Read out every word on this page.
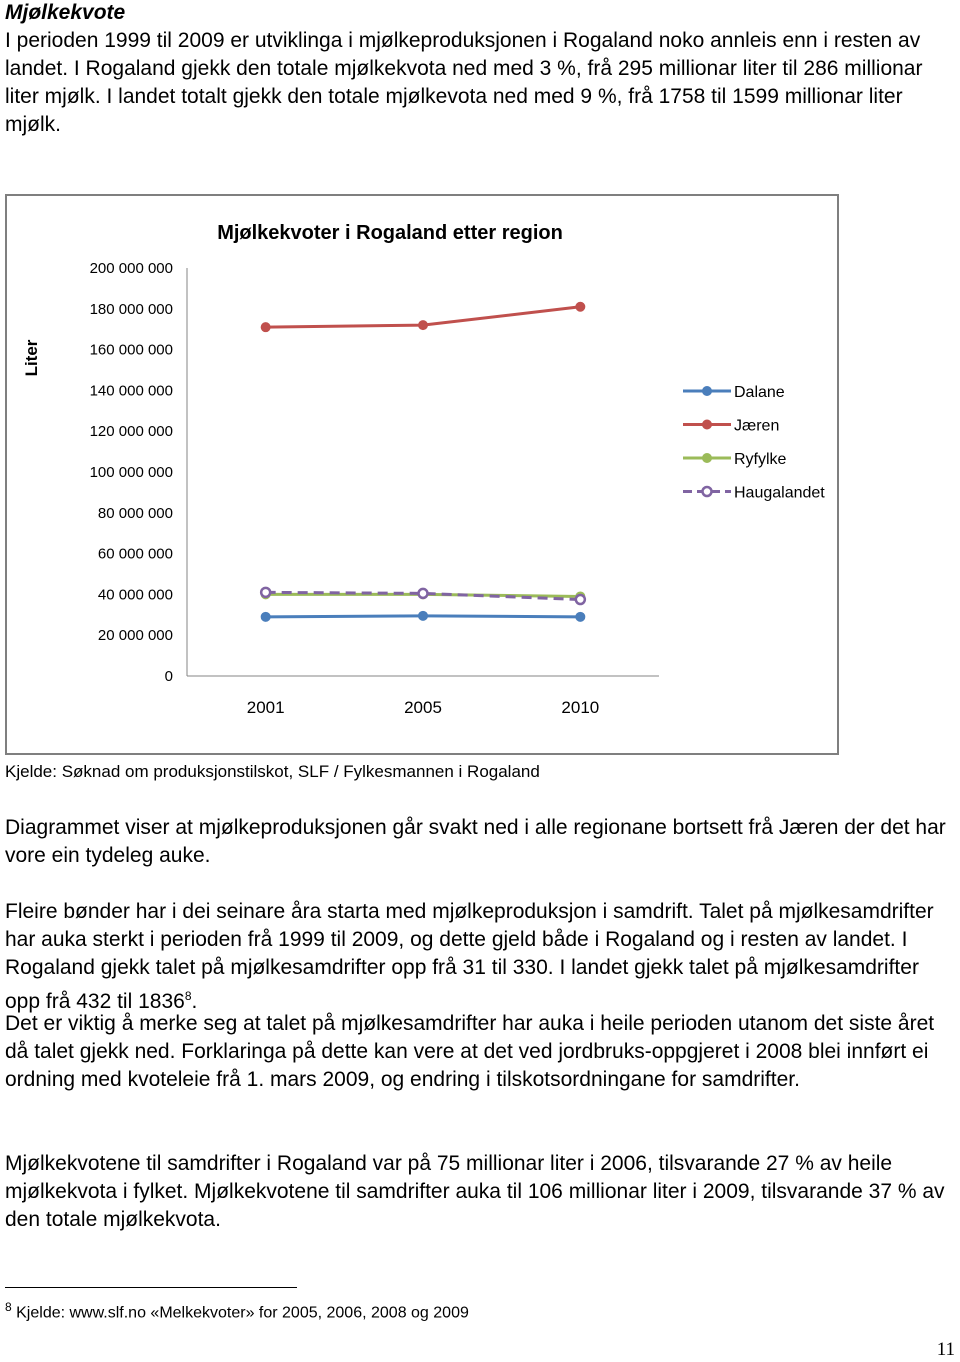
Mjølkekvote

I perioden 1999 til 2009 er utviklinga i mjølkeproduksjonen i Rogaland noko annleis enn i resten av landet. I Rogaland gjekk den totale mjølkekvota ned med 3 %, frå 295 millionar liter til 286 millionar liter mjølk. I landet totalt gjekk den totale mjølkevota ned med 9 %, frå 1758 til 1599 millionar liter mjølk.

Mjølkekvoter i Rogaland etter region
Liter
200 000 000
180 000 000
160 000 000
140 000 000
120 000 000
100 000 000
80 000 000
60 000 000
40 000 000
20 000 000
0
2001	2005	2010
Dalane
Jæren
Ryfylke
Haugalandet
Kjelde: Søknad om produksjonstilskot, SLF / Fylkesmannen i Rogaland

Diagrammet viser at mjølkeproduksjonen går svakt ned i alle regionane bortsett frå Jæren der det har vore ein tydeleg auke.

Fleire bønder har i dei seinare åra starta med mjølkeproduksjon i samdrift. Talet på mjølkesamdrifter har auka sterkt i perioden frå 1999 til 2009, og dette gjeld både i Rogaland og i resten av landet. I Rogaland gjekk talet på mjølkesamdrifter opp frå 31 til 330. I landet gjekk talet på mjølkesamdrifter opp frå 432 til 1836$^8$.

Det er viktig å merke seg at talet på mjølkesamdrifter har auka i heile perioden utanom det siste året då talet gjekk ned. Forklaringa på dette kan vere at det ved jordbruks-oppgjeret i 2008 blei innført ei ordning med kvoteleie frå 1. mars 2009, og endring i tilskotsordningane for samdrifter.

Mjølkekvotene til samdrifter i Rogaland var på 75 millionar liter i 2006, tilsvarande 27 % av heile mjølkekvota i fylket. Mjølkekvotene til samdrifter auka til 106 millionar liter i 2009, tilsvarande 37 % av den totale mjølkekvota.

$^8$ Kjelde: www.slf.no «Melkekvoter» for 2005, 2006, 2008 og 2009
11
